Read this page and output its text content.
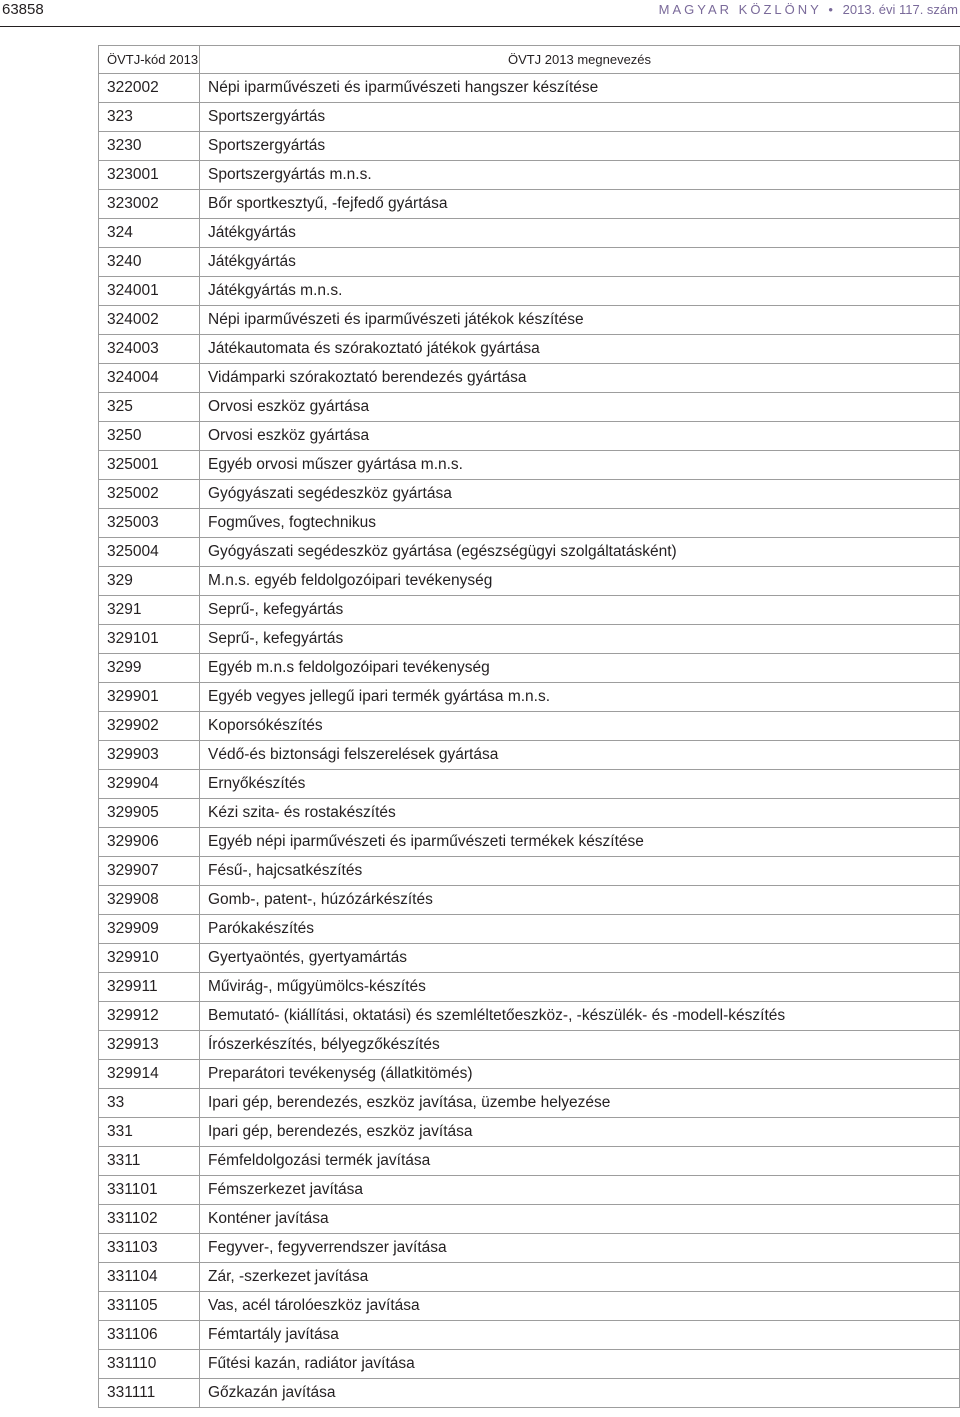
63858	MAGYAR KÖZLÖNY • 2013. évi 117. szám
ÖVTJ-kód 2013	ÖVTJ 2013 megnevezés
322002	Népi iparművészeti és iparművészeti hangszer készítése
323	Sportszergyártás
3230	Sportszergyártás
323001	Sportszergyártás m.n.s.
323002	Bőr sportkesztyű, -fejfedő gyártása
324	Játékgyártás
3240	Játékgyártás
324001	Játékgyártás m.n.s.
324002	Népi iparművészeti és iparművészeti játékok készítése
324003	Játékautomata és szórakoztató játékok gyártása
324004	Vidámparki szórakoztató berendezés gyártása
325	Orvosi eszköz gyártása
3250	Orvosi eszköz gyártása
325001	Egyéb orvosi műszer gyártása m.n.s.
325002	Gyógyászati segédeszköz gyártása
325003	Fogműves, fogtechnikus
325004	Gyógyászati segédeszköz gyártása (egészségügyi szolgáltatásként)
329	M.n.s. egyéb feldolgozóipari tevékenység
3291	Seprű-, kefegyártás
329101	Seprű-, kefegyártás
3299	Egyéb m.n.s feldolgozóipari tevékenység
329901	Egyéb vegyes jellegű ipari termék gyártása m.n.s.
329902	Koporsókészítés
329903	Védő-és biztonsági felszerelések gyártása
329904	Ernyőkészítés
329905	Kézi szita- és rostakészítés
329906	Egyéb népi iparművészeti és iparművészeti termékek készítése
329907	Fésű-, hajcsatkészítés
329908	Gomb-, patent-, húzózárkészítés
329909	Parókakészítés
329910	Gyertyaöntés, gyertyamártás
329911	Művirág-, műgyümölcs-készítés
329912	Bemutató- (kiállítási, oktatási) és szemléltetőeszköz-, -készülék- és -modell-készítés
329913	Írószerkészítés, bélyegzőkészítés
329914	Preparátori tevékenység (állatkitömés)
33	Ipari gép, berendezés, eszköz javítása, üzembe helyezése
331	Ipari gép, berendezés, eszköz javítása
3311	Fémfeldolgozási termék javítása
331101	Fémszerkezet javítása
331102	Konténer javítása
331103	Fegyver-, fegyverrendszer javítása
331104	Zár, -szerkezet javítása
331105	Vas, acél tárolóeszköz javítása
331106	Fémtartály javítása
331110	Fűtési kazán, radiátor javítása
331111	Gőzkazán javítása
